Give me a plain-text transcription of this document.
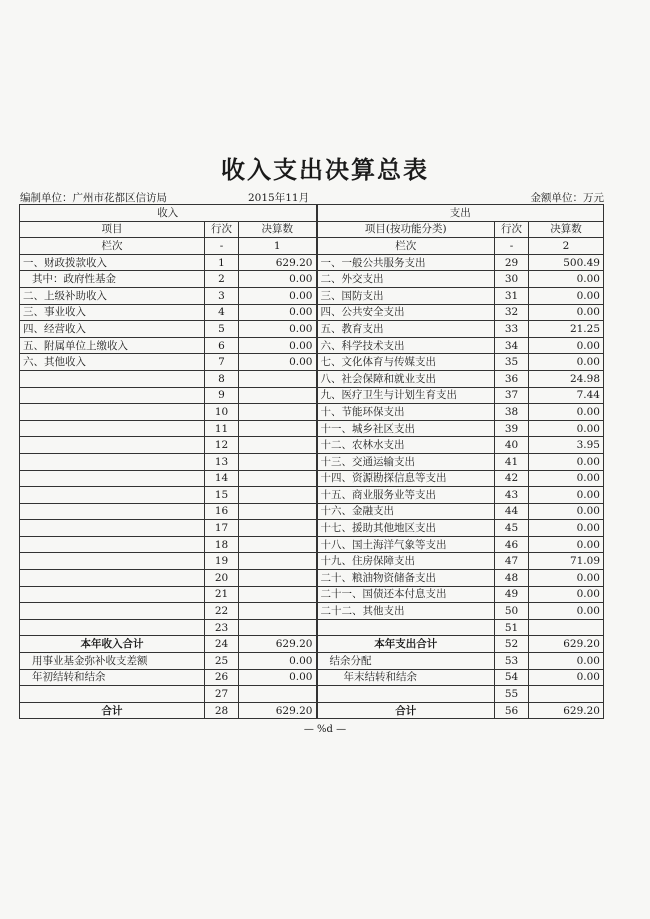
收入支出决算总表
编制单位：广州市花都区信访局	2015年11月	金额单位：万元
收入			支出		
项目	行次	决算数	项目(按功能分类)	行次	决算数
栏次	-	1	栏次	-	2
一、财政拨款收入	1	629.20	一、一般公共服务支出	29	500.49
其中：政府性基金	2	0.00	二、外交支出	30	0.00
二、上级补助收入	3	0.00	三、国防支出	31	0.00
三、事业收入	4	0.00	四、公共安全支出	32	0.00
四、经营收入	5	0.00	五、教育支出	33	21.25
五、附属单位上缴收入	6	0.00	六、科学技术支出	34	0.00
六、其他收入	7	0.00	七、文化体育与传媒支出	35	0.00
	8		八、社会保障和就业支出	36	24.98
	9		九、医疗卫生与计划生育支出	37	7.44
	10		十、节能环保支出	38	0.00
	11		十一、城乡社区支出	39	0.00
	12		十二、农林水支出	40	3.95
	13		十三、交通运输支出	41	0.00
	14		十四、资源勘探信息等支出	42	0.00
	15		十五、商业服务业等支出	43	0.00
	16		十六、金融支出	44	0.00
	17		十七、援助其他地区支出	45	0.00
	18		十八、国土海洋气象等支出	46	0.00
	19		十九、住房保障支出	47	71.09
	20		二十、粮油物资储备支出	48	0.00
	21		二十一、国债还本付息支出	49	0.00
	22		二十二、其他支出	50	0.00
	23			51	
本年收入合计	24	629.20	本年支出合计	52	629.20
用事业基金弥补收支差额	25	0.00	结余分配	53	0.00
年初结转和结余	26	0.00	年末结转和结余	54	0.00
	27			55	
合计	28	629.20	合计	56	629.20
— %d —
